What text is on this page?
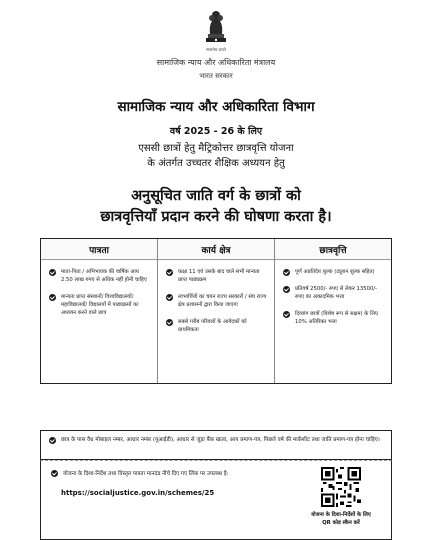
सत्यमेव जयते
सामाजिक न्याय और अधिकारिता मंत्रालय
भारत सरकार
सामाजिक न्याय और अधिकारिता विभाग
वर्ष 2025 - 26 के लिए
एससी छात्रों हेतु मैट्रिकोत्तर छात्रवृत्ति योजना
के अंतर्गत उच्चतर शैक्षिक अध्ययन हेतु
अनुसूचित जाति वर्ग के छात्रों को
छात्रवृत्तियाँ प्रदान करने की घोषणा करता है।
पात्रता
माता-पिता / अभिभावक की वार्षिक आय 2.50 लाख रुपए से अधिक नहीं होनी चाहिए
मान्यता प्राप्त संस्थानों/ विश्वविद्यालयों/महाविद्यालयों/ विद्यालयों में पाठ्यक्रमों का अध्ययन करने वाले छात्र
कार्य क्षेत्र
कक्षा 11 एवं उसके बाद वाले सभी मान्यता प्राप्त पाठ्यक्रम
लाभार्थियों का चयन राज्य सरकारों / संघ राज्य क्षेत्र प्रशासनों द्वारा किया जाएगा
सबसे गरीब परिवारों के आवेदकों को प्राथमिकता
छात्रवृत्ति
पूर्ण अप्रतिदेय शुल्क (ट्यूशन शुल्क सहित)
प्रतिवर्ष 2500/- रुपए से लेकर 13500/- रुपए का अकादमिक भत्ता
दिव्यांग छात्रों (विशेष रूप से सक्षम) के लिए 10% अतिरिक्त भत्ता
छात्र के पास वैध मोबाइल नम्बर, आधार नम्बर (यूआईडी), आधार से जुड़ा बैंक खाता, आय प्रमाण-पत्र, पिछले वर्ष की मार्कशीट तथा जाति प्रमाण-पत्र होना चाहिए।
योजना के दिशा-निर्देश तथा विस्तृत पात्रता मानदंड नीचे दिए गए लिंक पर उपलब्ध है:
https://socialjustice.gov.in/schemes/25
योजना के दिशा-निर्देशों के लिए
QR कोड स्कैन करें
